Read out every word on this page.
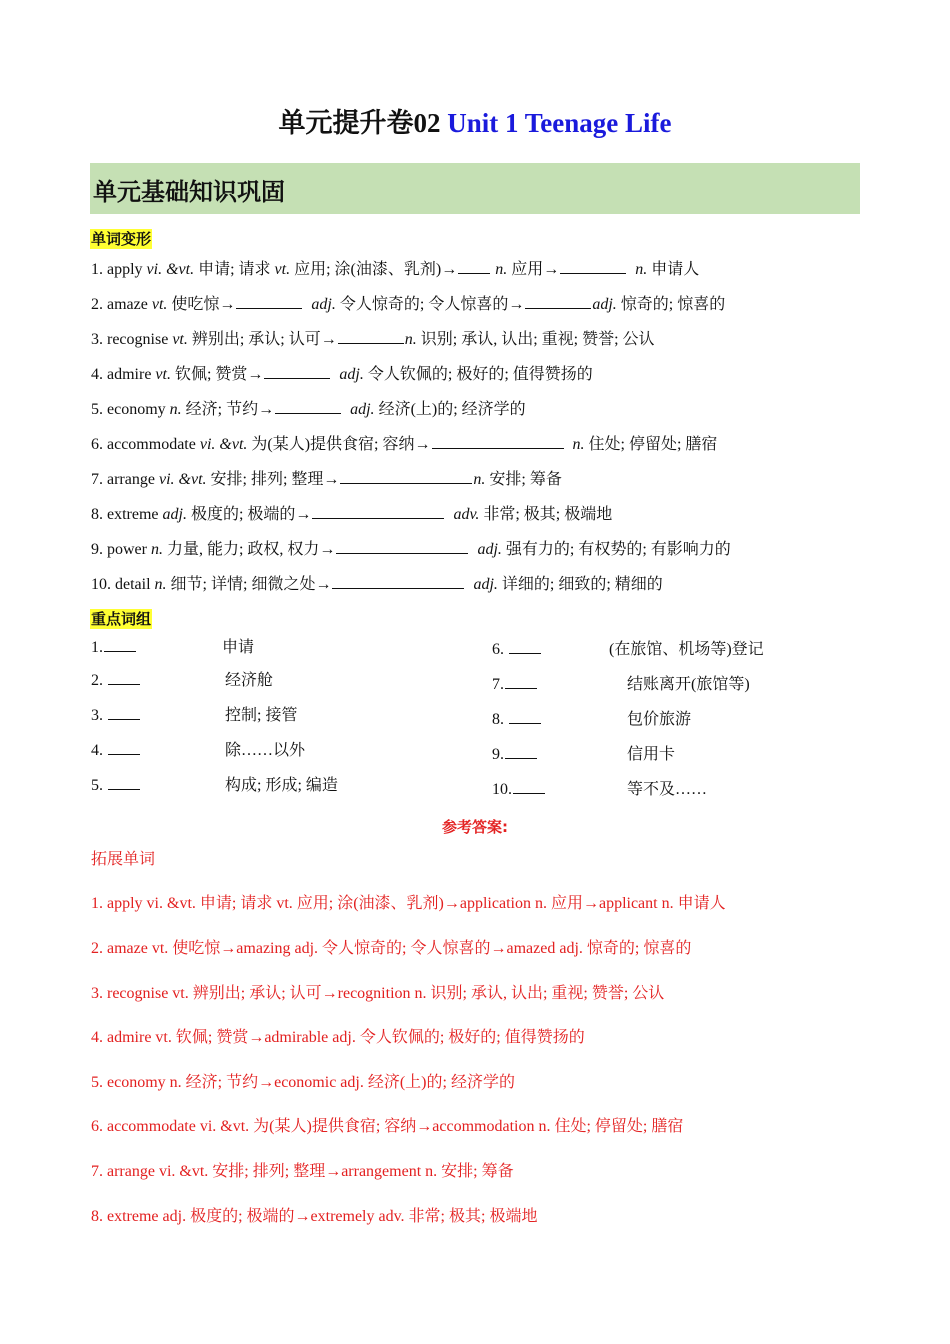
单元提升卷02 Unit 1 Teenage Life
单元基础知识巩固
单词变形
1. apply vi. &vt. 申请; 请求 vt. 应用; 涂(油漆、乳剂)→ n. 应用→	n. 申请人
2. amaze vt. 使吃惊→	adj. 令人惊奇的; 令人惊喜的→	adj. 惊奇的; 惊喜的
3. recognise vt. 辨别出; 承认; 认可→	n. 识别; 承认, 认出; 重视; 赞誉; 公认
4. admire vt. 钦佩; 赞赏→	adj. 令人钦佩的; 极好的; 值得赞扬的
5. economy n. 经济; 节约→	adj. 经济(上)的; 经济学的
6. accommodate vi. &vt. 为(某人)提供食宿; 容纳→	n. 住处; 停留处; 膳宿
7. arrange vi. &vt. 安排; 排列; 整理→	n. 安排; 筹备
8. extreme adj. 极度的; 极端的→	adv. 非常; 极其; 极端地
9. power n. 力量, 能力; 政权, 权力→	adj. 强有力的; 有权势的; 有影响力的
10. detail n. 细节; 详情; 细微之处→	adj. 详细的; 细致的; 精细的
重点词组
1.	申请
2.	经济舱
3.	控制; 接管
4.	除……以外
5.	构成; 形成; 编造
6.	(在旅馆、机场等)登记
7.	结账离开(旅馆等)
8.	包价旅游
9.	信用卡
10.	等不及……
参考答案:
拓展单词
1. apply vi. &vt. 申请; 请求 vt. 应用; 涂(油漆、乳剂)→application n. 应用→applicant n. 申请人
2. amaze vt. 使吃惊→amazing adj. 令人惊奇的; 令人惊喜的→amazed adj. 惊奇的; 惊喜的
3. recognise vt. 辨别出; 承认; 认可→recognition n. 识别; 承认, 认出; 重视; 赞誉; 公认
4. admire vt. 钦佩; 赞赏→admirable adj. 令人钦佩的; 极好的; 值得赞扬的
5. economy n. 经济; 节约→economic adj. 经济(上)的; 经济学的
6. accommodate vi. &vt. 为(某人)提供食宿; 容纳→accommodation n. 住处; 停留处; 膳宿
7. arrange vi. &vt. 安排; 排列; 整理→arrangement n. 安排; 筹备
8. extreme adj. 极度的; 极端的→extremely adv. 非常; 极其; 极端地
